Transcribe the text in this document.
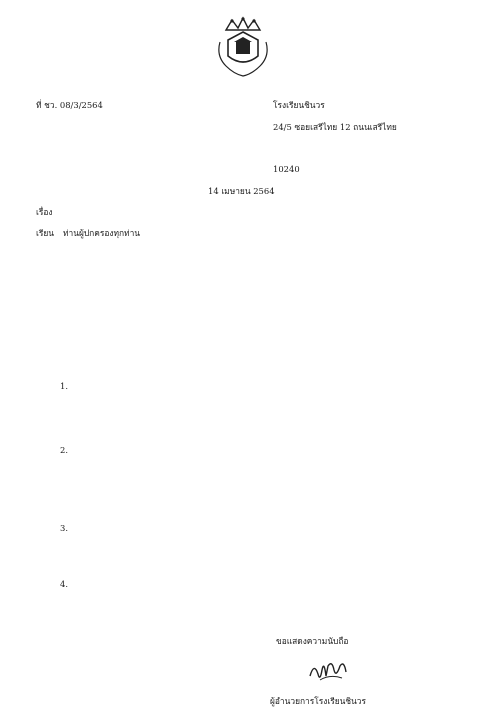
ที่ ชว. 08/3/2564	โรงเรียนชินวร
24/5 ซอยเสรีไทย 12 ถนนเสรีไทย
10240
14 เมษายน 2564
เรื่อง
เรียน ท่านผู้ปกครองทุกท่าน
1.
2.
3.
4.
ขอแสดงความนับถือ
ผู้อำนวยการโรงเรียนชินวร
